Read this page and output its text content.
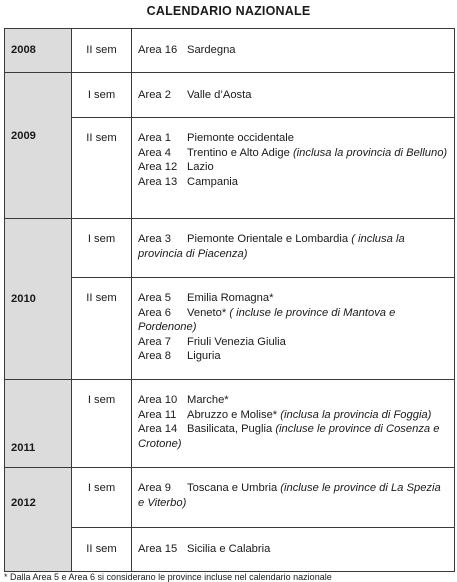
CALENDARIO NAZIONALE
2008	II sem	Area 16 Sardegna

2009	I sem	Area 2 Valle d’Aosta

	II sem	Area 1 Piemonte occidentale
Area 4 Trentino e Alto Adige (inclusa la provincia di Belluno)
Area 12 Lazio
Area 13 Campania

2010	I sem	Area 3 Piemonte Orientale e Lombardia ( inclusa la provincia di Piacenza)

	II sem	Area 5 Emilia Romagna*
Area 6 Veneto* ( incluse le province di Mantova e Pordenone)
Area 7 Friuli Venezia Giulia
Area 8 Liguria

2011	I sem	Area 10 Marche*
Area 11 Abruzzo e Molise* (inclusa la provincia di Foggia)
Area 14 Basilicata, Puglia (incluse le province di Cosenza e Crotone)

2012	I sem	Area 9 Toscana e Umbria (incluse le province di La Spezia e Viterbo)

	II sem	Area 15 Sicilia e Calabria
* Dalla Area 5 e Area 6 si considerano le province incluse nel calendario nazionale
